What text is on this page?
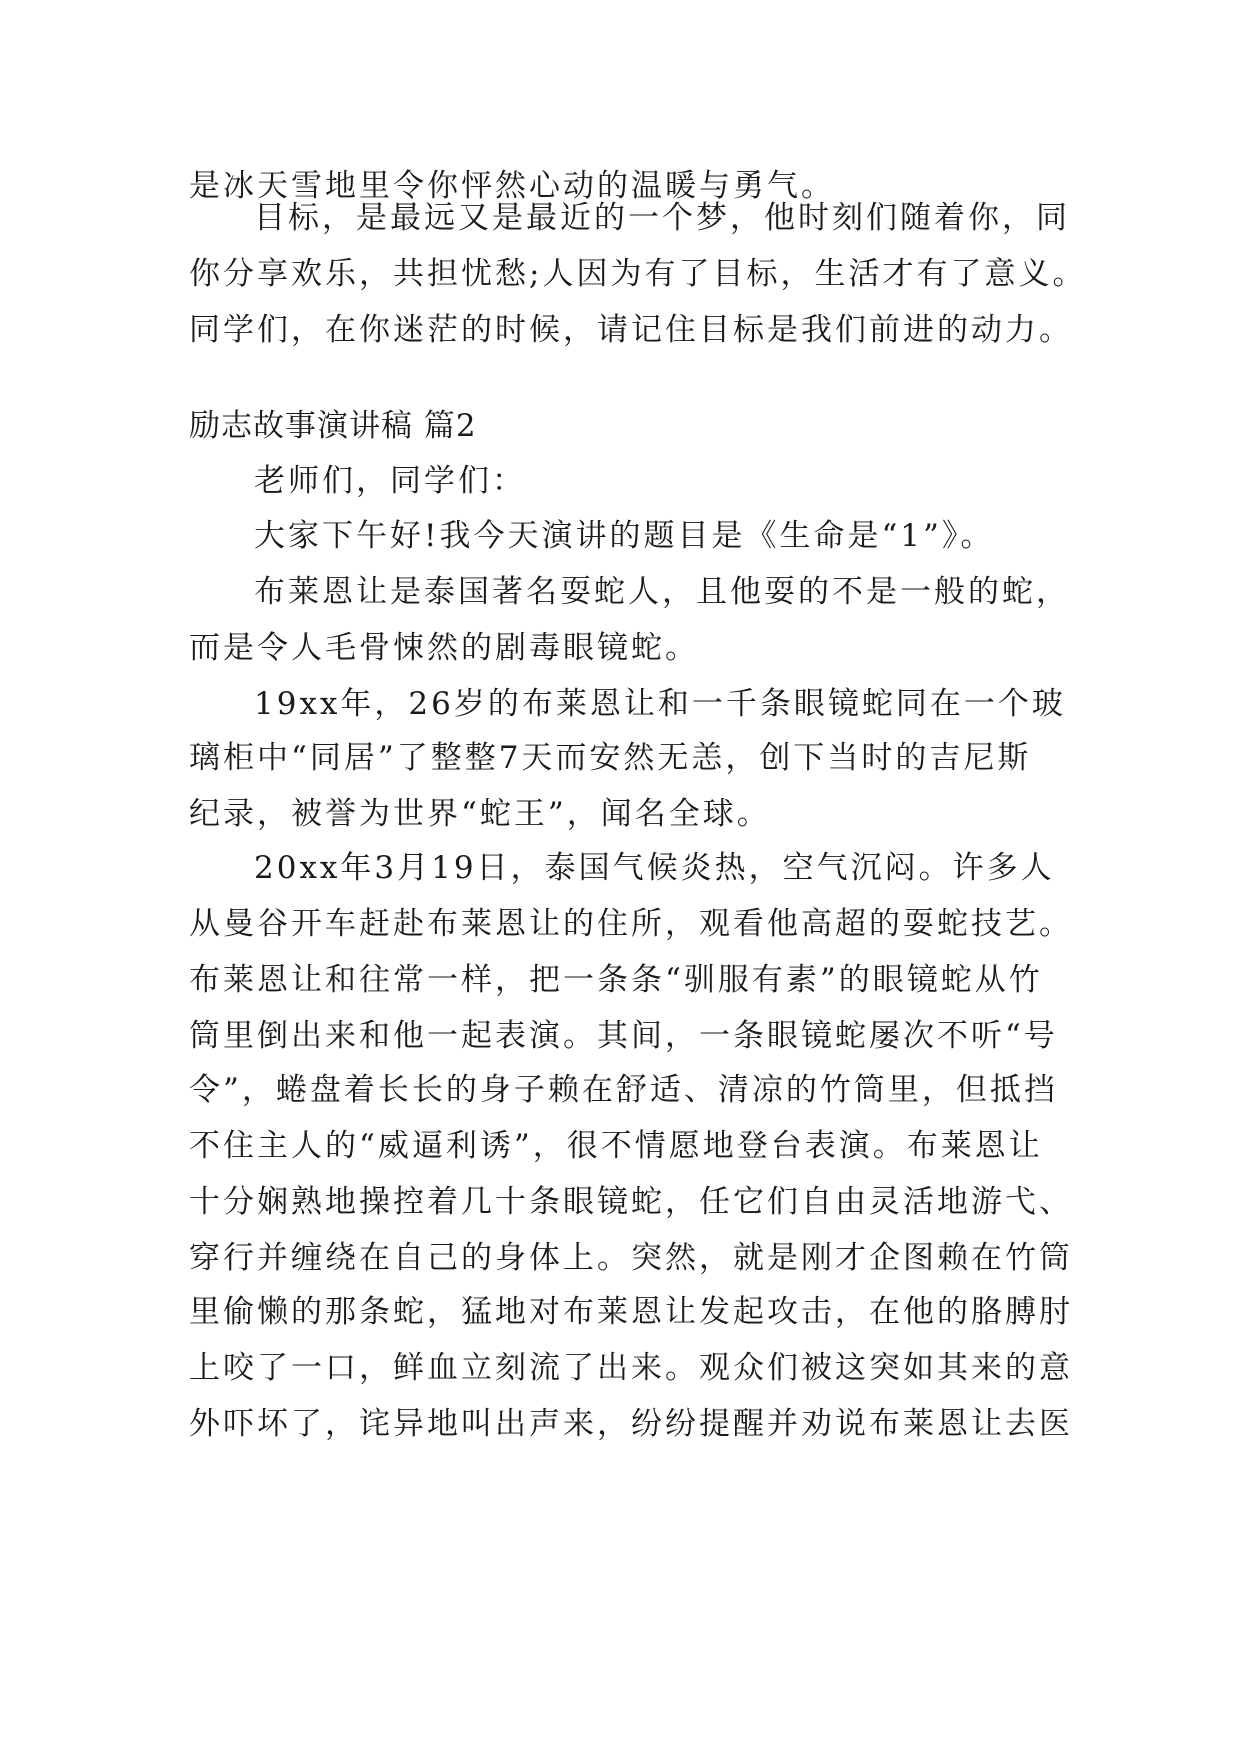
是冰天雪地里令你怦然心动的温暖与勇气。
目标，是最远又是最近的一个梦，他时刻们随着你，同
你分享欢乐，共担忧愁;人因为有了目标，生活才有了意义。
同学们，在你迷茫的时候，请记住目标是我们前进的动力。
励志故事演讲稿 篇2
老师们，同学们：
大家下午好!我今天演讲的题目是《生命是“1”》。
布莱恩让是泰国著名耍蛇人，且他耍的不是一般的蛇，
而是令人毛骨悚然的剧毒眼镜蛇。
19xx年，26岁的布莱恩让和一千条眼镜蛇同在一个玻
璃柜中“同居”了整整7天而安然无恙，创下当时的吉尼斯
纪录，被誉为世界“蛇王”，闻名全球。
20xx年3月19日，泰国气候炎热，空气沉闷。许多人
从曼谷开车赶赴布莱恩让的住所，观看他高超的耍蛇技艺。
布莱恩让和往常一样，把一条条“驯服有素”的眼镜蛇从竹
筒里倒出来和他一起表演。其间，一条眼镜蛇屡次不听“号
令”，蜷盘着长长的身子赖在舒适、清凉的竹筒里，但抵挡
不住主人的“威逼利诱”，很不情愿地登台表演。布莱恩让
十分娴熟地操控着几十条眼镜蛇，任它们自由灵活地游弋、
穿行并缠绕在自己的身体上。突然，就是刚才企图赖在竹筒
里偷懒的那条蛇，猛地对布莱恩让发起攻击，在他的胳膊肘
上咬了一口，鲜血立刻流了出来。观众们被这突如其来的意
外吓坏了，诧异地叫出声来，纷纷提醒并劝说布莱恩让去医
